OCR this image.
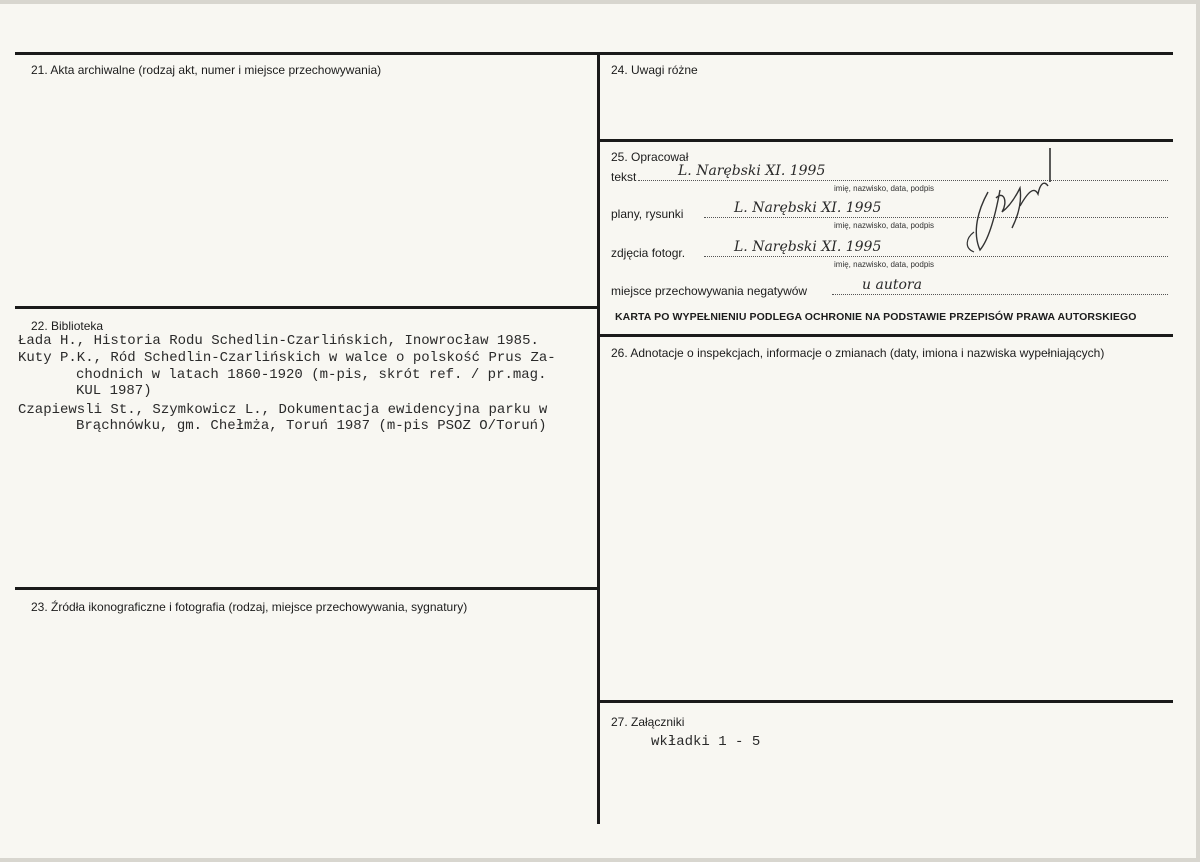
21. Akta archiwalne (rodzaj akt, numer i miejsce przechowywania)
22. Biblioteka
Łada H., Historia Rodu Schedlin-Czarlińskich, Inowrocław 1985.
Kuty P.K., Ród Schedlin-Czarlińskich w walce o polskość Prus Za-
chodnich w latach 1860-1920 (m-pis, skrót ref. / pr.mag.
KUL 1987)
Czapiewsli St., Szymkowicz L., Dokumentacja ewidencyjna parku w
Brąchnówku, gm. Chełmża, Toruń 1987 (m-pis PSOZ O/Toruń)
23. Źródła ikonograficzne i fotografia (rodzaj, miejsce przechowywania, sygnatury)
24. Uwagi różne
25. Opracował
tekst	L. Narębski XI. 1995
imię, nazwisko, data, podpis
plany, rysunki	L. Narębski XI. 1995
imię, nazwisko, data, podpis
zdjęcia fotogr.	L. Narębski XI. 1995
imię, nazwisko, data, podpis
miejsce przechowywania negatywów	u autora
KARTA PO WYPEŁNIENIU PODLEGA OCHRONIE NA PODSTAWIE PRZEPISÓW PRAWA AUTORSKIEGO
26. Adnotacje o inspekcjach, informacje o zmianach (daty, imiona i nazwiska wypełniających)
27. Załączniki
wkładki 1 - 5
